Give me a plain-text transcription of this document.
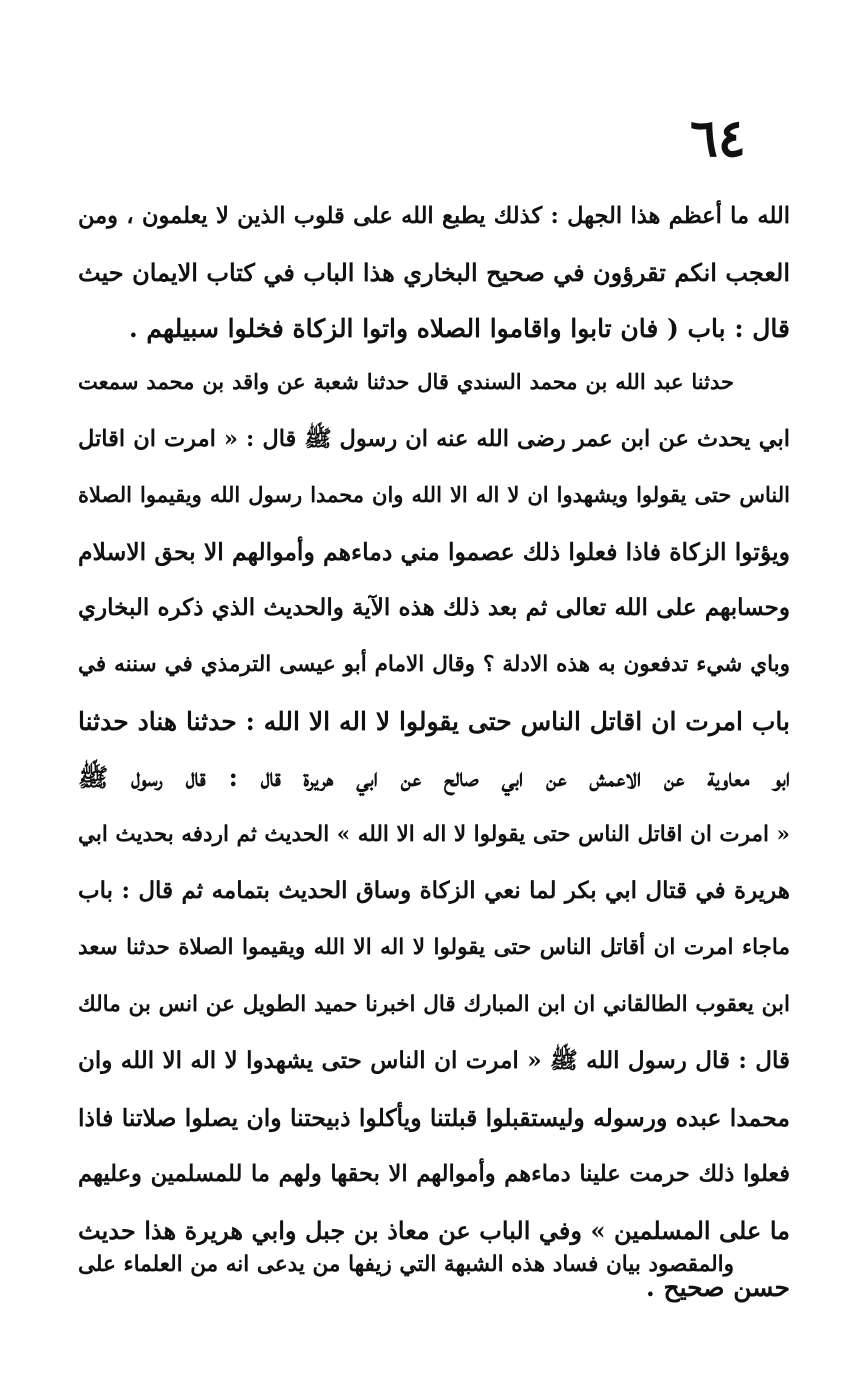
٦٤
الله ما أعظم هذا الجهل : كذلك يطبع الله على قلوب الذين لا يعلمون ، ومن
العجب انكم تقرؤون في صحيح البخاري هذا الباب في كتاب الايمان حيث
قال : باب ( فان تابوا واقاموا الصلاه واتوا الزكاة فخلوا سبيلهم .
حدثنا عبد الله بن محمد السندي قال حدثنا شعبة عن واقد بن محمد سمعت
ابي يحدث عن ابن عمر رضى الله عنه ان رسول ﷺ قال : « امرت ان اقاتل
الناس حتى يقولوا ويشهدوا ان لا اله الا الله وان محمدا رسول الله ويقيموا الصلاة
ويؤتوا الزكاة فاذا فعلوا ذلك عصموا مني دماءهم وأموالهم الا بحق الاسلام
وحسابهم على الله تعالى ثم بعد ذلك هذه الآية والحديث الذي ذكره البخاري
وباي شيء تدفعون به هذه الادلة ؟ وقال الامام أبو عيسى الترمذي في سننه في
باب امرت ان اقاتل الناس حتى يقولوا لا اله الا الله : حدثنا هناد حدثنا
ابو معاوية عن الاعمش عن ابي صالح عن ابي هريرة قال : قال رسول ﷺ
« امرت ان اقاتل الناس حتى يقولوا لا اله الا الله » الحديث ثم اردفه بحديث ابي
هريرة في قتال ابي بكر لما نعي الزكاة وساق الحديث بتمامه ثم قال : باب
ماجاء امرت ان أقاتل الناس حتى يقولوا لا اله الا الله ويقيموا الصلاة حدثنا سعد
ابن يعقوب الطالقاني ان ابن المبارك قال اخبرنا حميد الطويل عن انس بن مالك
قال : قال رسول الله ﷺ « امرت ان الناس حتى يشهدوا لا اله الا الله وان
محمدا عبده ورسوله وليستقبلوا قبلتنا ويأكلوا ذبيحتنا وان يصلوا صلاتنا فاذا
فعلوا ذلك حرمت علينا دماءهم وأموالهم الا بحقها ولهم ما للمسلمين وعليهم
ما على المسلمين » وفي الباب عن معاذ بن جبل وابي هريرة هذا حديث
حسن صحيح .
والمقصود بيان فساد هذه الشبهة التي زيفها من يدعى انه من العلماء على
